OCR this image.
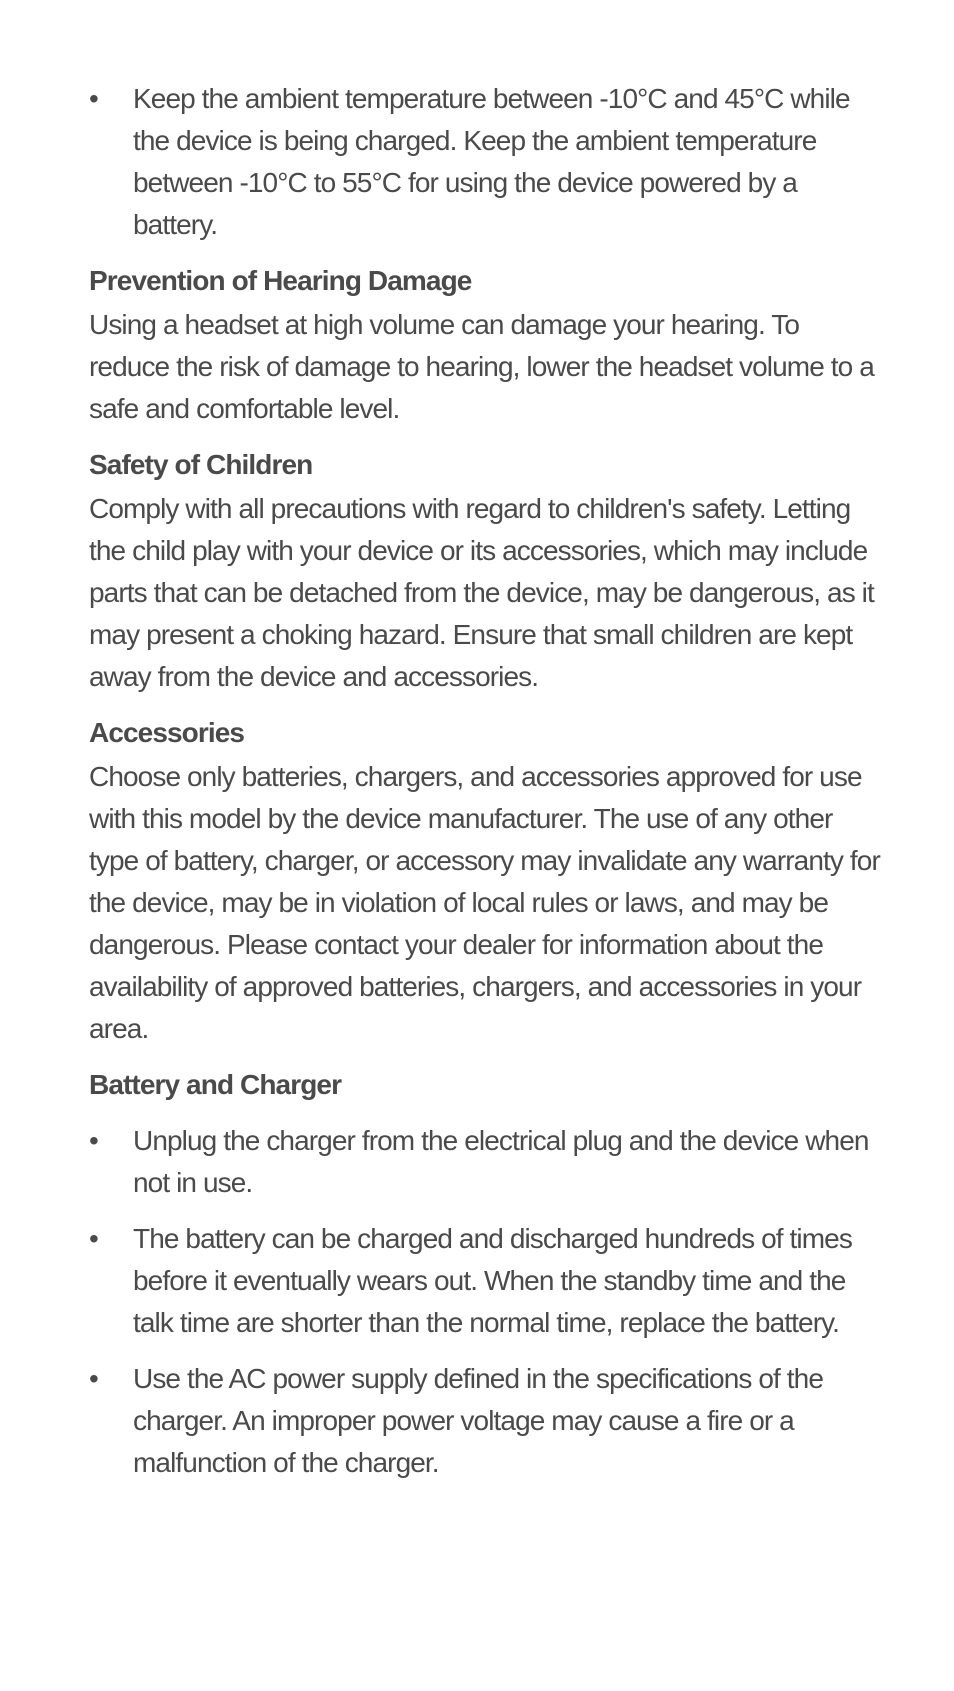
•	Keep the ambient temperature between -10°C and 45°C while the device is being charged. Keep the ambient temperature between -10°C to 55°C for using the device powered by a battery.
Prevention of Hearing Damage

Using a headset at high volume can damage your hearing. To reduce the risk of damage to hearing, lower the headset volume to a safe and comfortable level.

Safety of Children

Comply with all precautions with regard to children's safety. Letting the child play with your device or its accessories, which may include parts that can be detached from the device, may be dangerous, as it may present a choking hazard. Ensure that small children are kept away from the device and accessories.

Accessories

Choose only batteries, chargers, and accessories approved for use with this model by the device manufacturer. The use of any other type of battery, charger, or accessory may invalidate any warranty for the device, may be in violation of local rules or laws, and may be dangerous. Please contact your dealer for information about the availability of approved batteries, chargers, and accessories in your area.

Battery and Charger
•	Unplug the charger from the electrical plug and the device when not in use.
•	The battery can be charged and discharged hundreds of times before it eventually wears out. When the standby time and the talk time are shorter than the normal time, replace the battery.
•	Use the AC power supply defined in the specifications of the charger. An improper power voltage may cause a fire or a malfunction of the charger.
